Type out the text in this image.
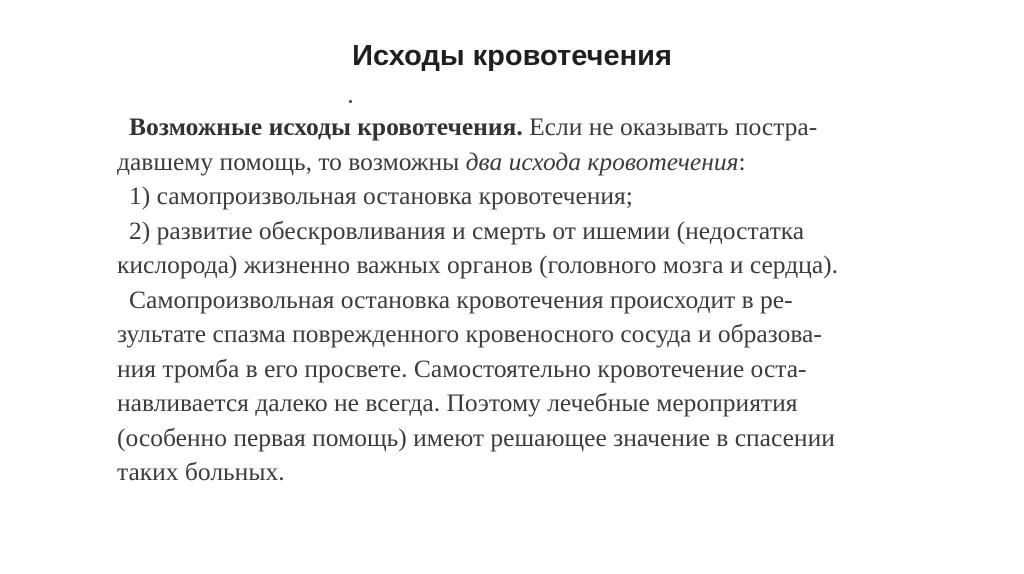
Исходы кровотечения

Возможные исходы кровотечения. Если не оказывать постра-

давшему помощь, то возможны два исхода кровотечения:

1) самопроизвольная остановка кровотечения;

2) развитие обескровливания и смерть от ишемии (недостатка

кислорода) жизненно важных органов (головного мозга и сердца).

Самопроизвольная остановка кровотечения происходит в ре-

зультате спазма поврежденного кровеносного сосуда и образова-

ния тромба в его просвете. Самостоятельно кровотечение оста-

навливается далеко не всегда. Поэтому лечебные мероприятия

(особенно первая помощь) имеют решающее значение в спасении

таких больных.
